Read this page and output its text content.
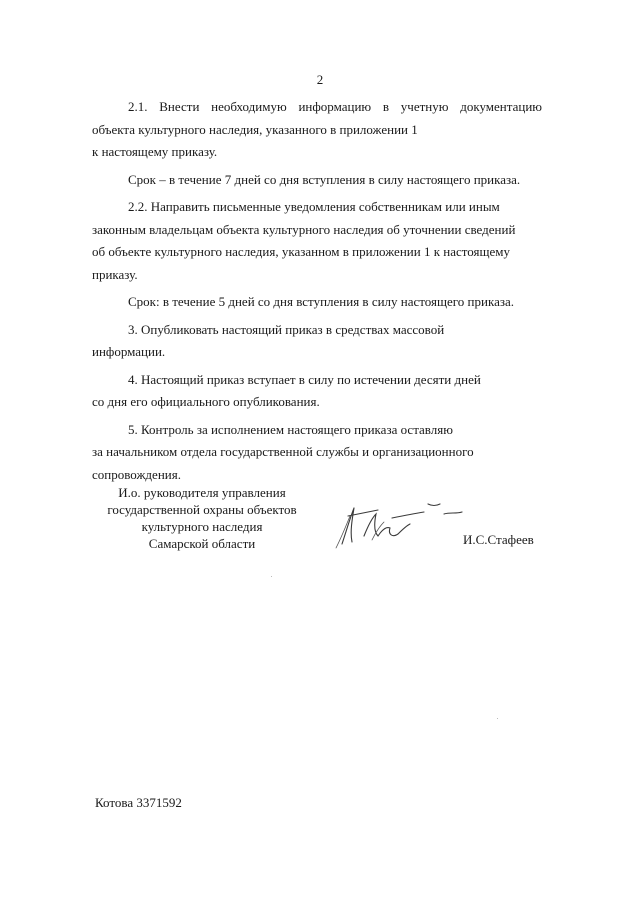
2
2.1. Внести необходимую информацию в учетную документацию
объекта культурного наследия, указанного в приложении 1
к настоящему приказу.
Срок – в течение 7 дней со дня вступления в силу настоящего приказа.
2.2. Направить письменные уведомления собственникам или иным
законным владельцам объекта культурного наследия об уточнении сведений
об объекте культурного наследия, указанном в приложении 1 к настоящему
приказу.
Срок: в течение 5 дней со дня вступления в силу настоящего приказа.
3. Опубликовать настоящий приказ в средствах массовой
информации.
4. Настоящий приказ вступает в силу по истечении десяти дней
со дня его официального опубликования.
5. Контроль за исполнением настоящего приказа оставляю
за начальником отдела государственной службы и организационного
сопровождения.
И.о. руководителя управления
государственной охраны объектов
культурного наследия
Самарской области	И.С.Стафеев
Котова 3371592
